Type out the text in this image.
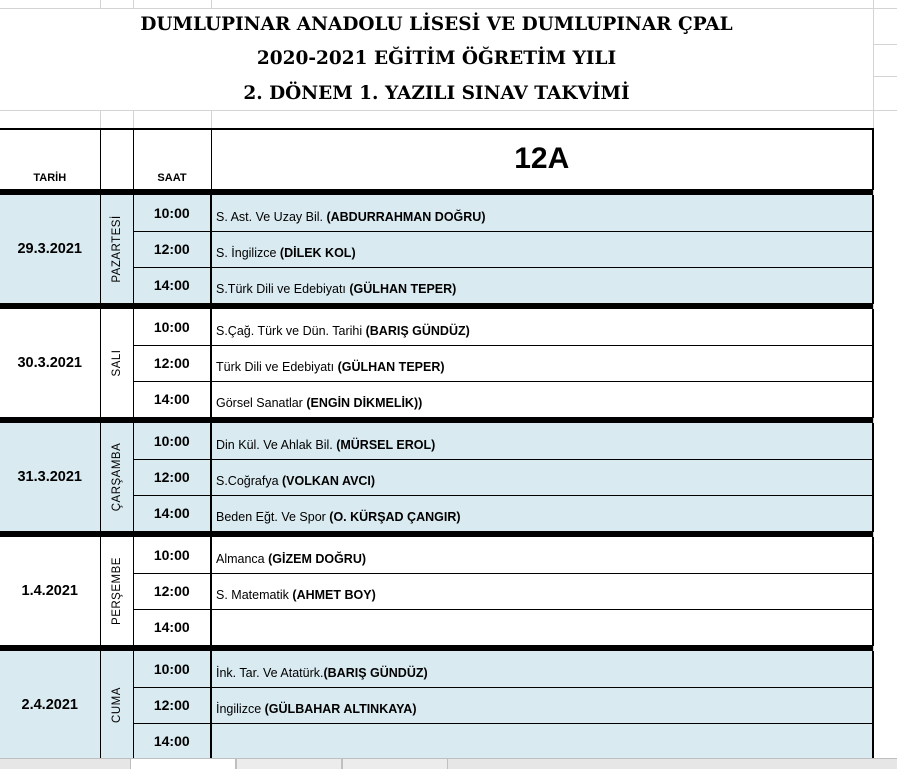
DUMLUPINAR ANADOLU LİSESİ VE DUMLUPINAR ÇPAL
2020-2021 EĞİTİM ÖĞRETİM YILI
2. DÖNEM 1. YAZILI SINAV TAKVİMİ
TARİH		SAAT	12A

29.3.2021	PAZARTESİ	10:00	S. Ast. Ve Uzay Bil. (ABDURRAHMAN DOĞRU)
		12:00	S. İngilizce (DİLEK KOL)
		14:00	S.Türk Dili ve Edebiyatı (GÜLHAN TEPER)

30.3.2021	SALI	10:00	S.Çağ. Türk ve Dün. Tarihi (BARIŞ GÜNDÜZ)
		12:00	Türk Dili ve Edebiyatı (GÜLHAN TEPER)
		14:00	Görsel Sanatlar (ENGİN DİKMELİK))

31.3.2021	ÇARŞAMBA	10:00	Din Kül. Ve Ahlak Bil. (MÜRSEL EROL)
		12:00	S.Coğrafya (VOLKAN AVCI)
		14:00	Beden Eğt. Ve Spor (O. KÜRŞAD ÇANGIR)

1.4.2021	PERŞEMBE	10:00	Almanca (GİZEM DOĞRU)
		12:00	S. Matematik (AHMET BOY)
		14:00	

2.4.2021	CUMA	10:00	İnk. Tar. Ve Atatürk.(BARIŞ GÜNDÜZ)
		12:00	İngilizce (GÜLBAHAR ALTINKAYA)
		14:00	
